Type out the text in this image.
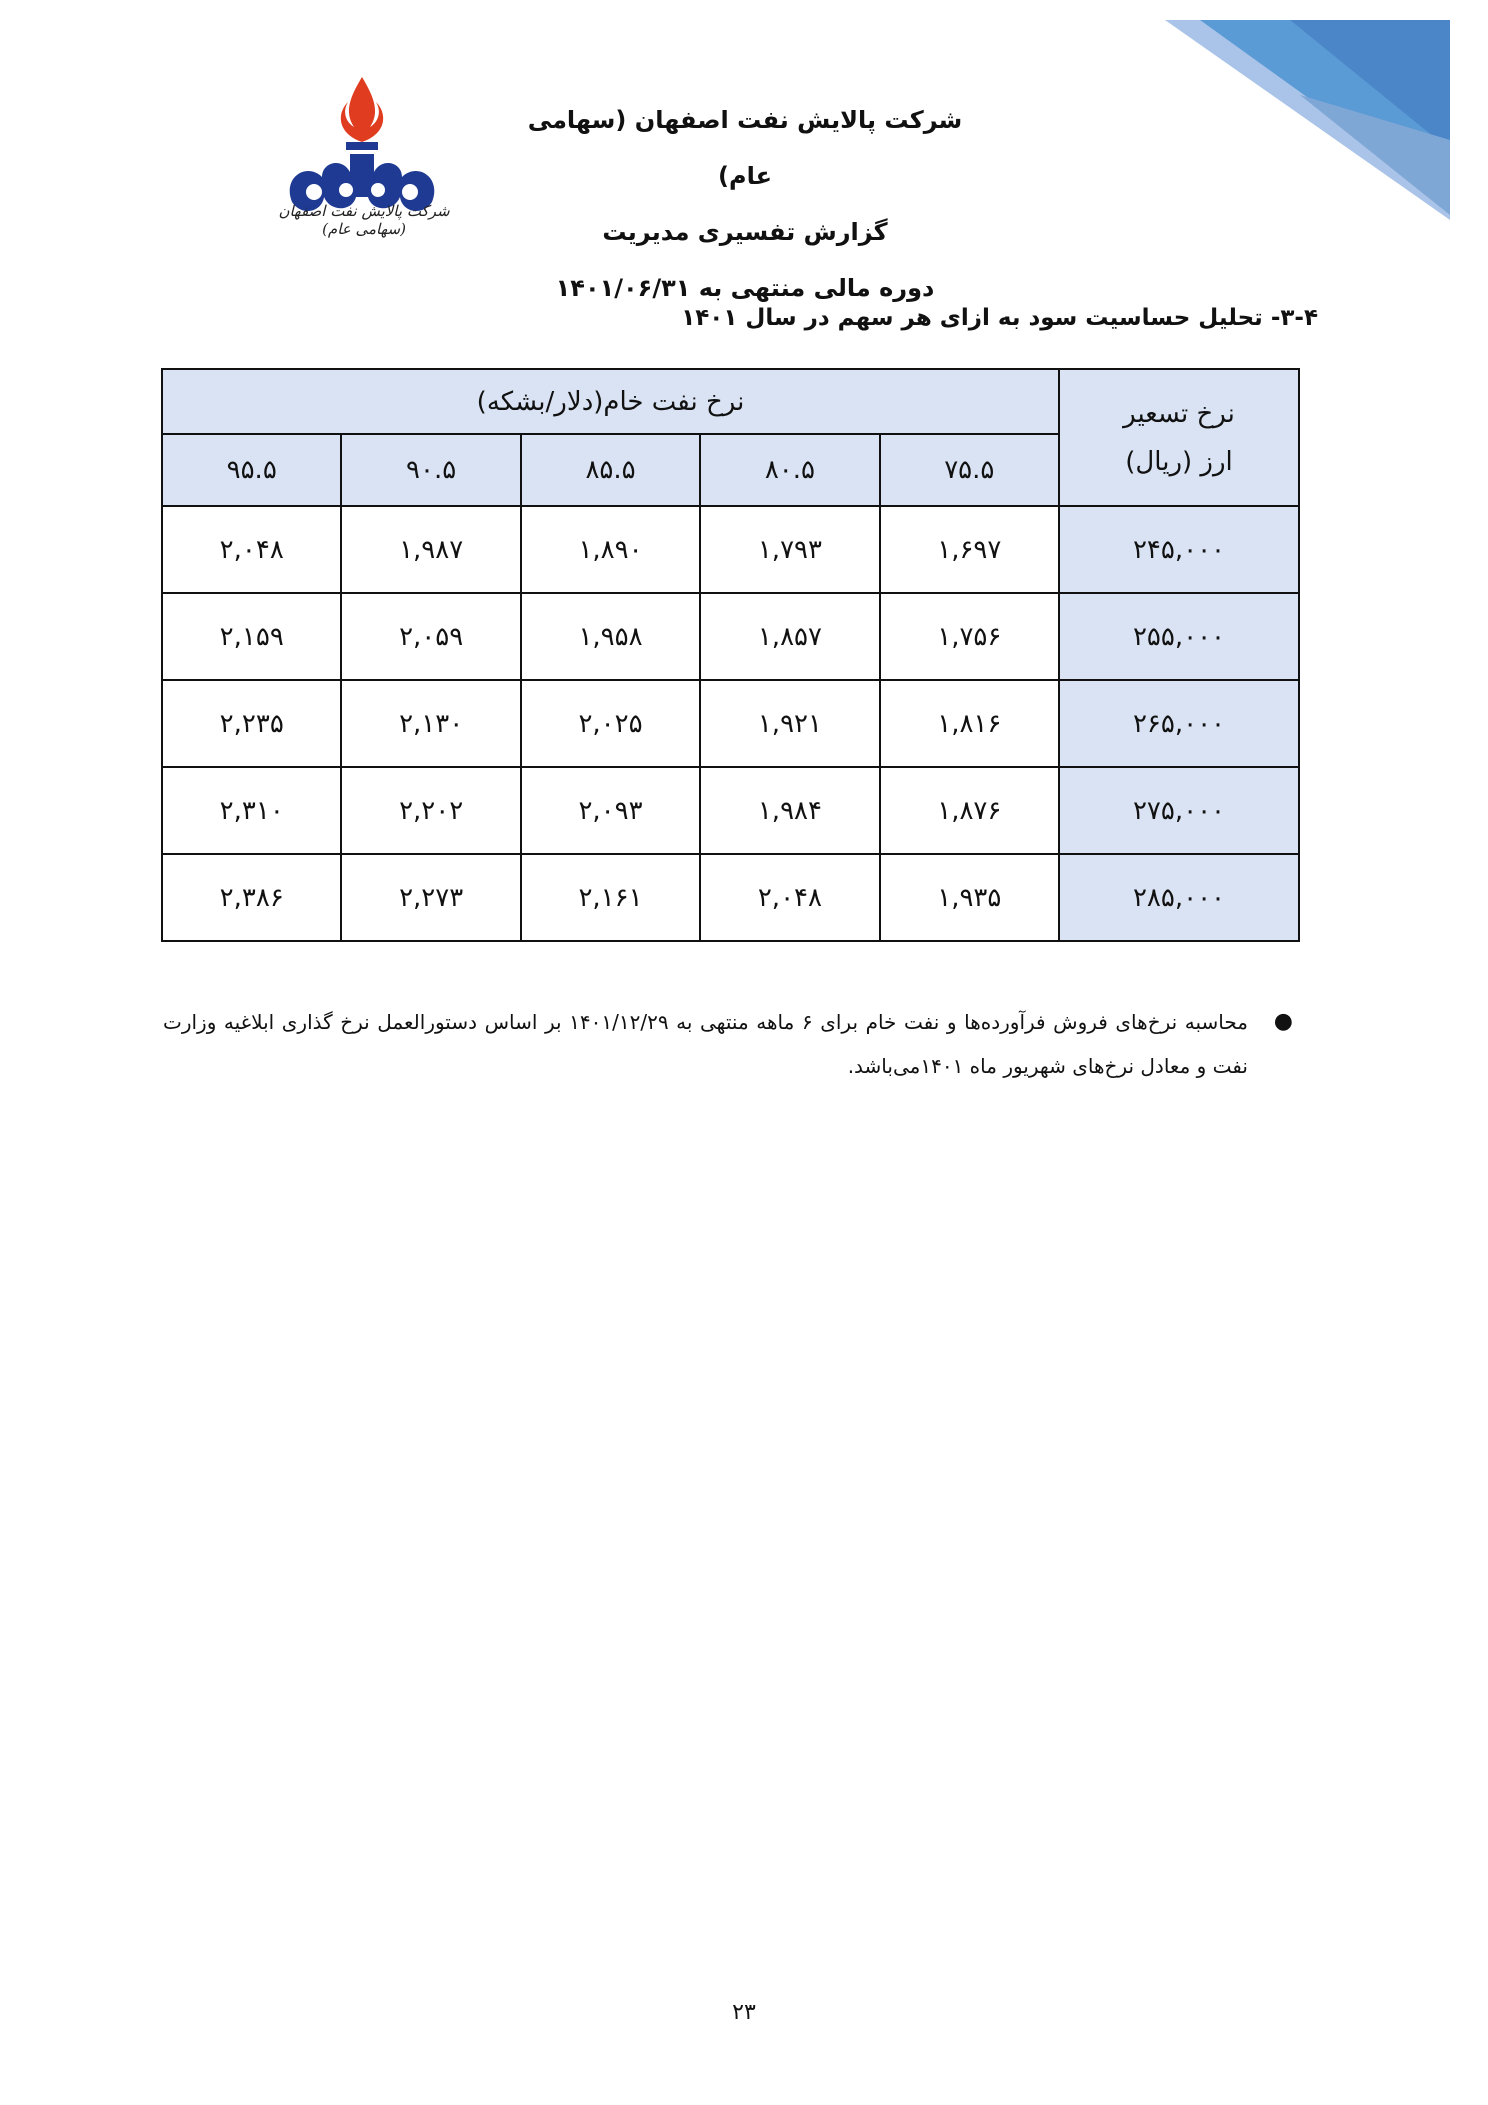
شرکت پالایش نفت اصفهان (سهامی عام)
شرکت پالایش نفت اصفهان (سهامی عام)
گزارش تفسیری مدیریت
دوره مالی منتهی به ۱۴۰۱/۰۶/۳۱
۳-۴- تحلیل حساسیت سود به ازای هر سهم در سال ۱۴۰۱
نرخ تسعیر ارز (ریال)	نرخ نفت خام(دلار/بشکه)				
	۷۵.۵	۸۰.۵	۸۵.۵	۹۰.۵	۹۵.۵
۲۴۵,۰۰۰	۱,۶۹۷	۱,۷۹۳	۱,۸۹۰	۱,۹۸۷	۲,۰۴۸
۲۵۵,۰۰۰	۱,۷۵۶	۱,۸۵۷	۱,۹۵۸	۲,۰۵۹	۲,۱۵۹
۲۶۵,۰۰۰	۱,۸۱۶	۱,۹۲۱	۲,۰۲۵	۲,۱۳۰	۲,۲۳۵
۲۷۵,۰۰۰	۱,۸۷۶	۱,۹۸۴	۲,۰۹۳	۲,۲۰۲	۲,۳۱۰
۲۸۵,۰۰۰	۱,۹۳۵	۲,۰۴۸	۲,۱۶۱	۲,۲۷۳	۲,۳۸۶
●
محاسبه نرخ‌های فروش فرآورده‌ها و نفت خام برای ۶ ماهه منتهی به ۱۴۰۱/۱۲/۲۹ بر اساس دستورالعمل نرخ گذاری ابلاغیه وزارت نفت و معادل نرخ‌های شهریور ماه ۱۴۰۱می‌باشد.
۲۳
